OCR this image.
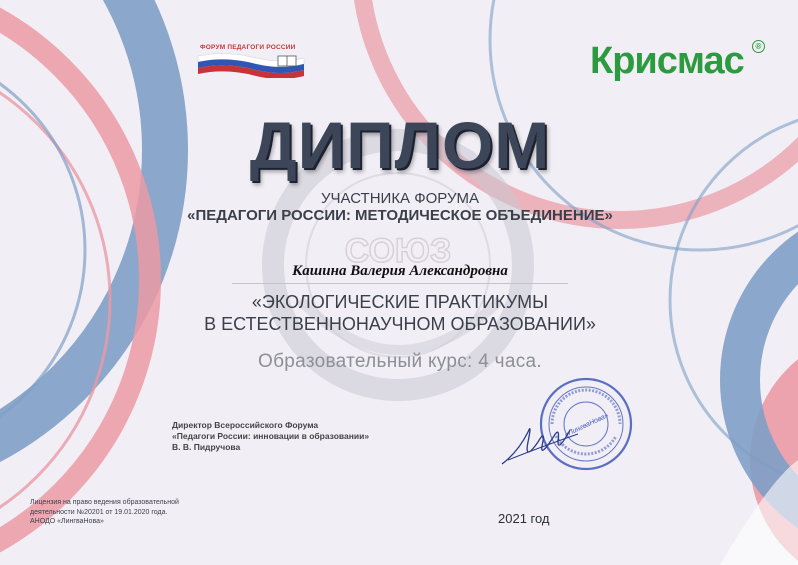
СОЮЗ
ФОРУМ ПЕДАГОГИ РОССИИ	Крисмас	®
ДИПЛОМ
УЧАСТНИКА ФОРУМА
«ПЕДАГОГИ РОССИИ: МЕТОДИЧЕСКОЕ ОБЪЕДИНЕНИЕ»
Кашина Валерия Александровна
«ЭКОЛОГИЧЕСКИЕ ПРАКТИКУМЫ
В ЕСТЕСТВЕННОНАУЧНОМ ОБРАЗОВАНИИ»
Образовательный курс: 4 часа.
Директор Всероссийского Форума
«Педагоги России: инновации в образовании»
В. В. Пидручова
«ЛингваНова»
Лицензия на право ведения образовательной
деятельности №20201 от 19.01.2020 года.
АНОДО «ЛингваНова»	2021 год
